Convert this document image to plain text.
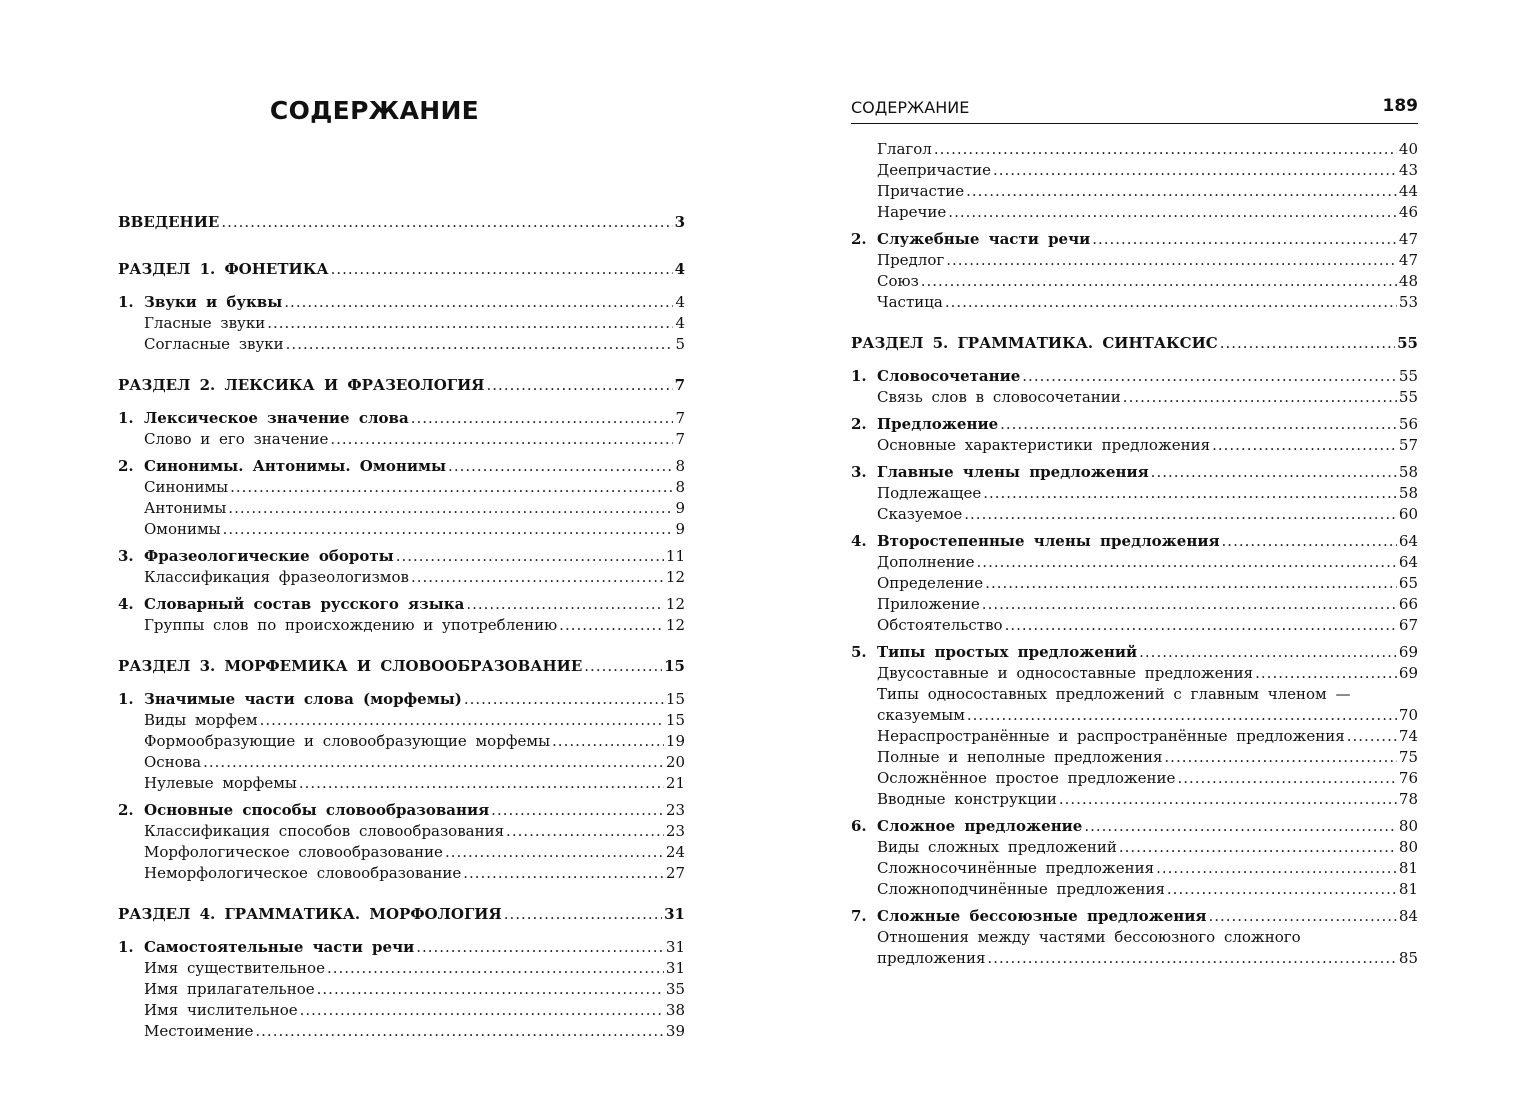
СОДЕРЖАНИЕ	СОДЕРЖАНИЕ	189
ВВЕДЕНИЕ .....	3
РАЗДЕЛ 1. ФОНЕТИКА .....	4
1. Звуки и буквы .....	4
Гласные звуки .....	4
Согласные звуки .....	5
РАЗДЕЛ 2. ЛЕКСИКА И ФРАЗЕОЛОГИЯ .....	7
1. Лексическое значение слова .....	7
Слово и его значение .....	7
2. Синонимы. Антонимы. Омонимы .....	8
Синонимы .....	8
Антонимы .....	9
Омонимы .....	9
3. Фразеологические обороты .....	11
Классификация фразеологизмов .....	12
4. Словарный состав русского языка .....	12
Группы слов по происхождению и употреблению .....	12
РАЗДЕЛ 3. МОРФЕМИКА И СЛОВООБРАЗОВАНИЕ .....	15
1. Значимые части слова (морфемы) .....	15
Виды морфем .....	15
Формообразующие и словообразующие морфемы .....	19
Основа .....	20
Нулевые морфемы .....	21
2. Основные способы словообразования .....	23
Классификация способов словообразования .....	23
Морфологическое словообразование .....	24
Неморфологическое словообразование .....	27
РАЗДЕЛ 4. ГРАММАТИКА. МОРФОЛОГИЯ .....	31
1. Самостоятельные части речи .....	31
Имя существительное .....	31
Имя прилагательное .....	35
Имя числительное .....	38
Местоимение .....	39
Глагол .....	40
Деепричастие .....	43
Причастие .....	44
Наречие .....	46
2. Служебные части речи .....	47
Предлог .....	47
Союз .....	48
Частица .....	53
РАЗДЕЛ 5. ГРАММАТИКА. СИНТАКСИС .....	55
1. Словосочетание .....	55
Связь слов в словосочетании .....	55
2. Предложение .....	56
Основные характеристики предложения .....	57
3. Главные члены предложения .....	58
Подлежащее .....	58
Сказуемое .....	60
4. Второстепенные члены предложения .....	64
Дополнение .....	64
Определение .....	65
Приложение .....	66
Обстоятельство .....	67
5. Типы простых предложений .....	69
Двусоставные и односоставные предложения .....	69
Типы односоставных предложений с главным членом —
сказуемым .....	70
Нераспространённые и распространённые предложения .....	74
Полные и неполные предложения .....	75
Осложнённое простое предложение .....	76
Вводные конструкции .....	78
6. Сложное предложение .....	80
Виды сложных предложений .....	80
Сложносочинённые предложения .....	81
Сложноподчинённые предложения .....	81
7. Сложные бессоюзные предложения .....	84
Отношения между частями бессоюзного сложного
предложения .....	85
